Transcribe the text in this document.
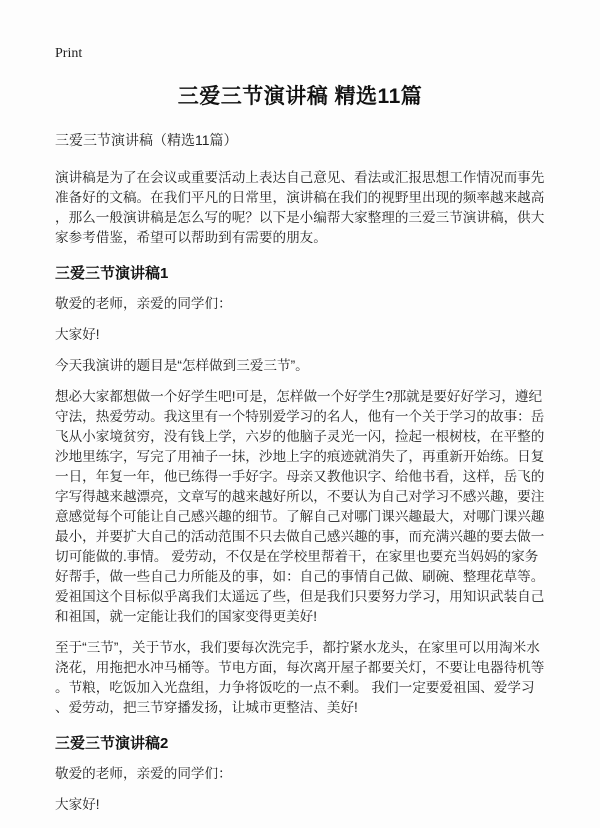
Print
三爱三节演讲稿 精选11篇
三爱三节演讲稿（精选11篇）

演讲稿是为了在会议或重要活动上表达自己意见、看法或汇报思想工作情况而事先准备好的文稿。在我们平凡的日常里，演讲稿在我们的视野里出现的频率越来越高，那么一般演讲稿是怎么写的呢？以下是小编帮大家整理的三爱三节演讲稿，供大家参考借鉴，希望可以帮助到有需要的朋友。

三爱三节演讲稿1

敬爱的老师，亲爱的同学们：

大家好!

今天我演讲的题目是“怎样做到三爱三节”。

想必大家都想做一个好学生吧!可是，怎样做一个好学生?那就是要好好学习，遵纪守法，热爱劳动。我这里有一个特别爱学习的名人，他有一个关于学习的故事：岳飞从小家境贫穷，没有钱上学，六岁的他脑子灵光一闪，捡起一根树枝，在平整的沙地里练字，写完了用袖子一抹，沙地上字的痕迹就消失了，再重新开始练。日复一日，年复一年，他已练得一手好字。母亲又教他识字、给他书看，这样，岳飞的字写得越来越漂亮，文章写的越来越好所以，不要认为自己对学习不感兴趣，要注意感觉每个可能让自己感兴趣的细节。了解自己对哪门课兴趣最大，对哪门课兴趣最小，并要扩大自己的活动范围不只去做自己感兴趣的事，而充满兴趣的要去做一切可能做的.事情。 爱劳动，不仅是在学校里帮着干，在家里也要充当妈妈的家务好帮手，做一些自己力所能及的事，如：自己的事情自己做、刷碗、整理花草等。爱祖国这个目标似乎离我们太遥远了些，但是我们只要努力学习，用知识武装自己和祖国，就一定能让我们的国家变得更美好!

至于“三节”，关于节水，我们要每次洗完手，都拧紧水龙头，在家里可以用淘米水浇花，用拖把水冲马桶等。节电方面，每次离开屋子都要关灯，不要让电器待机等。节粮，吃饭加入光盘组，力争将饭吃的一点不剩。 我们一定要爱祖国、爱学习、爱劳动，把三节穿播发扬，让城市更整洁、美好!

三爱三节演讲稿2

敬爱的老师，亲爱的同学们：

大家好!
